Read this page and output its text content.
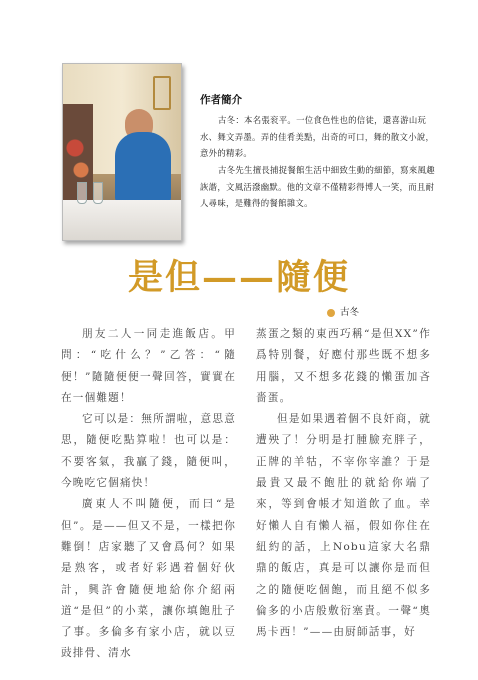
作者簡介

古冬：本名張衮平。一位食色性也的信徒，還喜游山玩水、舞文弄墨。弄的佳肴美點，出奇的可口，舞的散文小說，意外的精彩。

古冬先生擅長捕捉餐館生活中細致生動的細節，寫來風趣詼諧，文風活潑幽默。他的文章不僅精彩得博人一笑，而且耐人尋味，是難得的餐館雜文。

是但——隨便
古冬

朋友二人一同走進飯店。甲問：“吃什么？”乙答：“隨便！”隨隨便便一聲回答，實實在在一個難題！

它可以是：無所謂啦，意思意思，隨便吃點算啦！也可以是：不要客氣，我贏了錢，隨便叫，今晚吃它個痛快！

廣東人不叫隨便，而曰“是但”。是——但又不是，一樣把你難倒！店家聽了又會爲何？如果是熟客，或者好彩遇着個好伙計，興許會隨便地給你介紹兩道“是但”的小菜，讓你填飽肚子了事。多倫多有家小店，就以豆豉排骨、清水

蒸蛋之類的東西巧稱“是但XX”作爲特別餐，好應付那些既不想多用腦，又不想多花錢的懶蛋加吝嗇蛋。

但是如果遇着個不良奸商，就遭殃了！分明是打腫臉充胖子，正牌的羊牯，不宰你宰誰？于是最貴又最不飽肚的就給你端了來，等到會帳才知道飲了血。幸好懶人自有懶人福，假如你住在紐約的話，上Nobu這家大名鼎鼎的飯店，真是可以讓你是而但之的隨便吃個飽，而且絕不似多倫多的小店般敷衍塞責。一聲“奧馬卡西！”——由厨師話事，好
